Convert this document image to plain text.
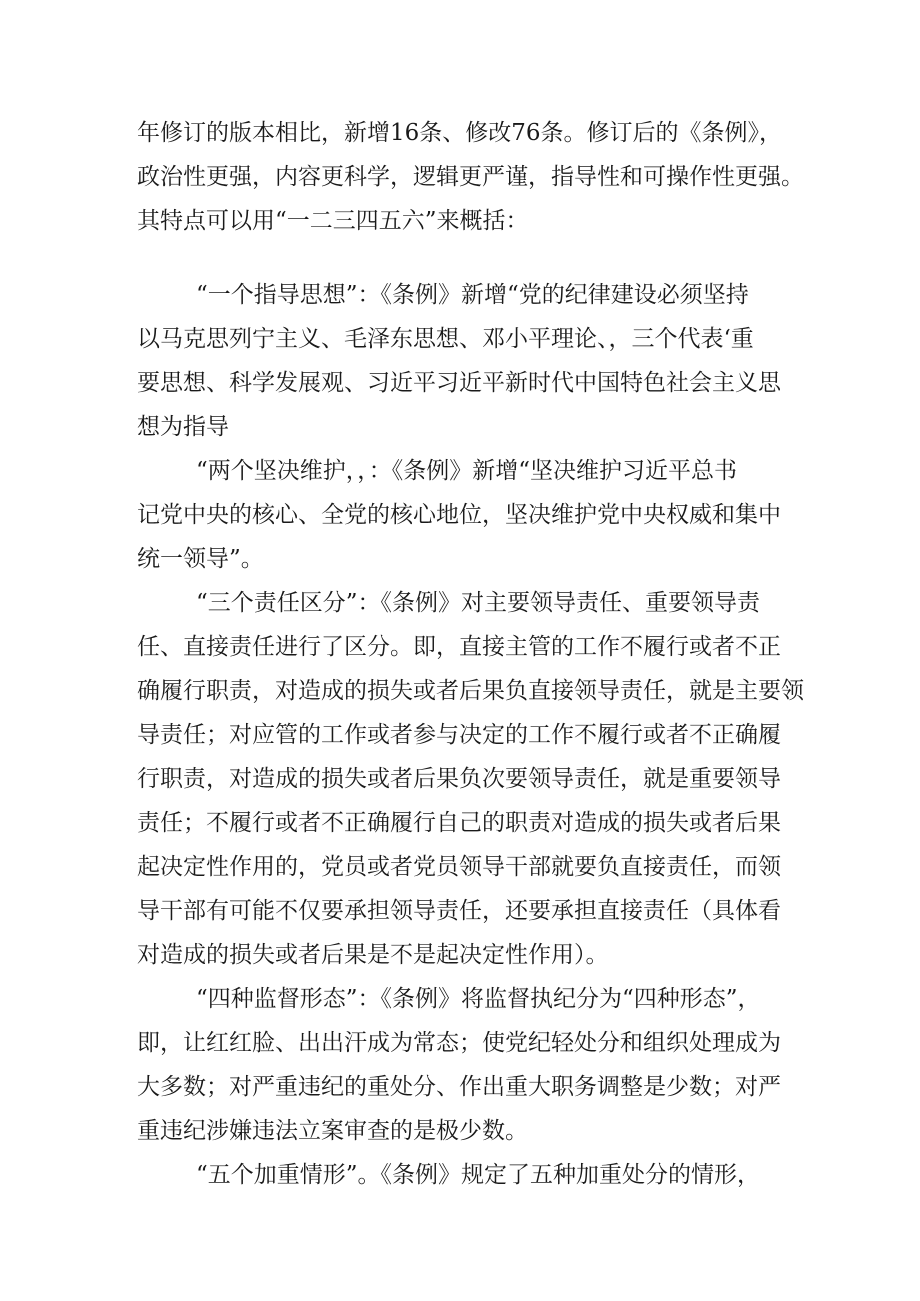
年修订的版本相比，新增16条、修改76条。修订后的《条例》，
政治性更强，内容更科学，逻辑更严谨，指导性和可操作性更强。
其特点可以用“一二三四五六”来概括：
“一个指导思想”：《条例》新增“党的纪律建设必须坚持
以马克思列宁主义、毛泽东思想、邓小平理论、，三个代表‘重
要思想、科学发展观、习近平习近平新时代中国特色社会主义思
想为指导
“两个坚决维护，，：《条例》新增“坚决维护习近平总书
记党中央的核心、全党的核心地位，坚决维护党中央权威和集中
统一领导”。
“三个责任区分”：《条例》对主要领导责任、重要领导责
任、直接责任进行了区分。即，直接主管的工作不履行或者不正
确履行职责，对造成的损失或者后果负直接领导责任，就是主要领
导责任；对应管的工作或者参与决定的工作不履行或者不正确履
行职责，对造成的损失或者后果负次要领导责任，就是重要领导
责任；不履行或者不正确履行自己的职责对造成的损失或者后果
起决定性作用的，党员或者党员领导干部就要负直接责任，而领
导干部有可能不仅要承担领导责任，还要承担直接责任（具体看
对造成的损失或者后果是不是起决定性作用）。
“四种监督形态”：《条例》将监督执纪分为“四种形态”，
即，让红红脸、出出汗成为常态；使党纪轻处分和组织处理成为
大多数；对严重违纪的重处分、作出重大职务调整是少数；对严
重违纪涉嫌违法立案审查的是极少数。
“五个加重情形”。《条例》规定了五种加重处分的情形，
